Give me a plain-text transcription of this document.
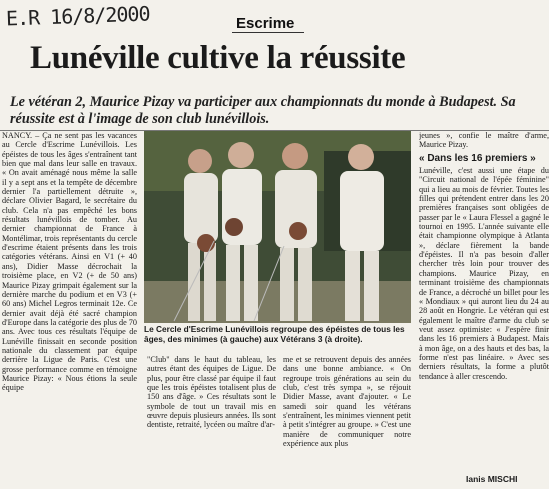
E.R 16/8/2000	Escrime
Lunéville cultive la réussite
Le vétéran 2, Maurice Pizay va participer aux championnats du monde à Budapest. Sa réussite est à l'image de son club lunévillois.
NANCY. – Ça ne sent pas les vacances au Cercle d'Escrime Lunévillois. Les épéistes de tous les âges s'entraînent tant bien que mal dans leur salle en travaux. « On avait aménagé nous même la salle il y a sept ans et la tempête de décembre dernier l'a partiellement détruite », déclare Olivier Bagard, le secrétaire du club. Cela n'a pas empêché les bons résultats lunévillois de tomber. Au dernier championnat de France à Montélimar, trois représentants du cercle d'escrime étaient présents dans les trois catégories vétérans. Ainsi en V1 (+ 40 ans), Didier Masse décrochait la troisième place, en V2 (+ de 50 ans) Maurice Pizay grimpait également sur la dernière marche du podium et en V3 (+ 60 ans) Michel Legros terminait 12e. Ce dernier avait déjà été sacré champion d'Europe dans la catégorie des plus de 70 ans. Avec tous ces résultats l'équipe de Lunéville finissait en seconde position nationale du classement par équipe derrière la Ligue de Paris. C'est une grosse performance comme en témoigne Maurice Pizay: « Nous étions la seule équipe
Le Cercle d'Escrime Lunévillois regroupe des épéistes de tous les âges, des minimes (à gauche) aux Vétérans 3 (à droite).
"Club" dans le haut du tableau, les autres étant des équipes de Ligue. De plus, pour être classé par équipe il faut que les trois épéistes totalisent plus de 150 ans d'âge. » Ces résultats sont le symbole de tout un travail mis en œuvre depuis plusieurs années. Ils sont dentiste, retraité, lycéen ou maître d'ar-
me et se retrouvent depuis des années dans une bonne ambiance. « On regroupe trois générations au sein du club, c'est très sympa », se réjouit Didier Masse, avant d'ajouter. « Le samedi soir quand les vétérans s'entraînent, les minimes viennent petit à petit s'intégrer au groupe. » C'est une manière de communiquer notre expérience aux plus
jeunes », confie le maître d'arme, Maurice Pizay.
« Dans les 16 premiers »
Lunéville, c'est aussi une étape du "Circuit national de l'épée féminine" qui a lieu au mois de février. Toutes les filles qui prétendent entrer dans les 20 premières françaises sont obligées de passer par le « Laura Flessel a gagné le tournoi en 1995. L'année suivante elle était championne olympique à Atlanta », déclare fièrement la bande d'épéistes. Il n'a pas besoin d'aller chercher très loin pour trouver des champions. Maurice Pizay, en terminant troisième des championnats de France, a décroché un billet pour les « Mondiaux » qui auront lieu du 24 au 28 août en Hongrie. Le vétéran qui est également le maître d'arme du club se veut assez optimiste: « J'espère finir dans les 16 premiers à Budapest. Mais à mon âge, on a des hauts et des bas, la forme n'est pas linéaire. » Avec ses derniers résultats, la forme a plutôt tendance à aller crescendo.
Ianis MISCHI
